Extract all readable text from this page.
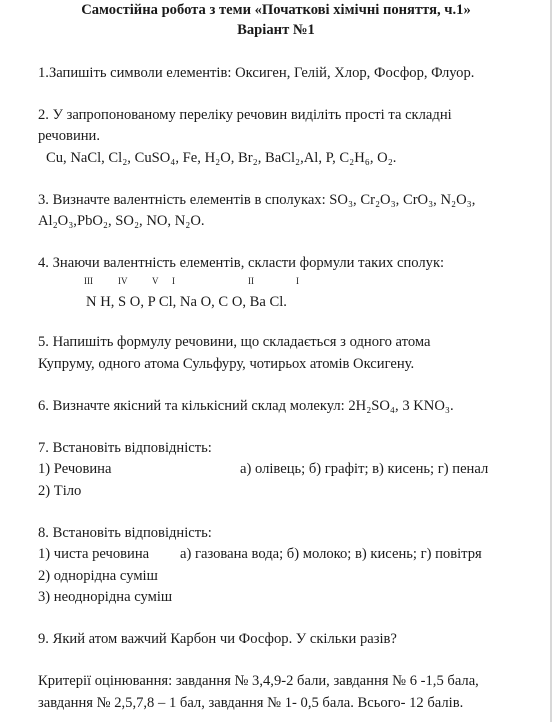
Самостійна робота з теми «Початкові хімічні поняття, ч.1»
Варіант №1
1.Запишіть символи елементів: Оксиген, Гелій, Хлор, Фосфор, Флуор.
2. У запропонованому переліку речовин виділіть прості та складні
речовини.
Cu, NaCl, Cl₂, CuSO₄, Fe, H₂O, Br₂, BaCl₂,Al, P, C₂H₆, O₂.
3. Визначте валентність елементів в сполуках: SO₃, Cr₂O₃, CrO₃, N₂O₃,
Al₂O₃,PbO₂, SO₂, NO, N₂O.
4. Знаючи валентність елементів, скласти формули таких сполук:
III	IV	V I	II	I
N H, S O, P Cl, Na O, C O, Ba Cl.
5. Напишіть формулу речовини, що складається з одного атома
Купруму, одного атома Сульфуру, чотирьох атомів Оксигену.
6. Визначте якісний та кількісний склад молекул: 2H₂SO₄, 3 KNO₃.
7. Встановіть відповідність:
1) Речовина	а) олівець; б) графіт; в) кисень; г) пенал
2) Тіло
8. Встановіть відповідність:
1) чиста речовина а) газована вода; б) молоко; в) кисень; г) повітря
2) однорідна суміш
3) неоднорідна суміш
9. Який атом важчий Карбон чи Фосфор. У скільки разів?
Критерії оцінювання: завдання № 3,4,9-2 бали, завдання № 6 -1,5 бала,
завдання № 2,5,7,8 – 1 бал, завдання № 1- 0,5 бала. Всього- 12 балів.
